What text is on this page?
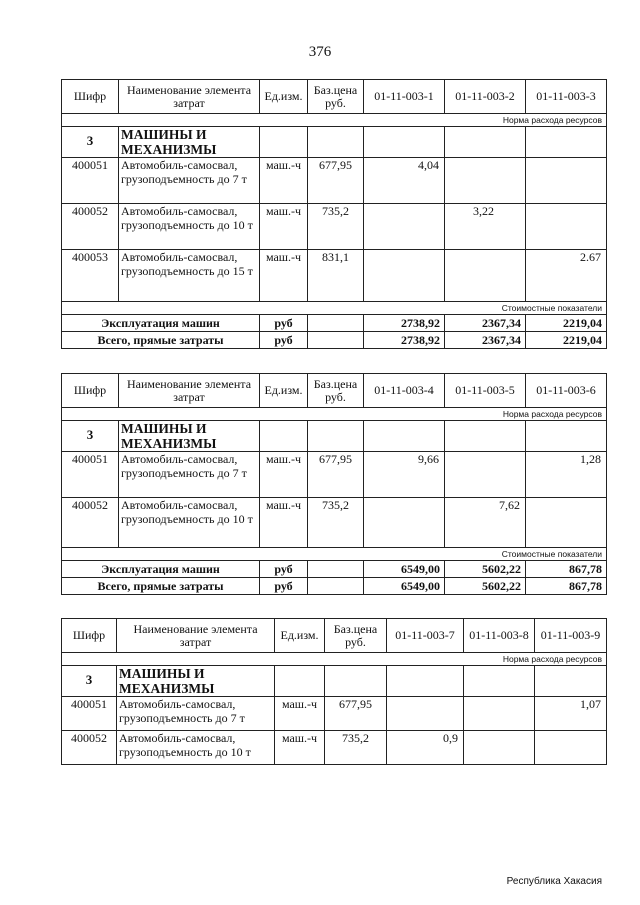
376
Шифр	Наименование элемента затрат	Ед.изм.	Баз.цена руб.	01-11-003-1	01-11-003-2	01-11-003-3
Норма расхода ресурсов						
3	МАШИНЫ И МЕХАНИЗМЫ					
400051	Автомобиль-самосвал, грузоподъемность до 7 т	маш.-ч	677,95	4,04		
400052	Автомобиль-самосвал, грузоподъемность до 10 т	маш.-ч	735,2		3,22	
400053	Автомобиль-самосвал, грузоподъемность до 15 т	маш.-ч	831,1			2.67
Стоимостные показатели						
Эксплуатация машин		руб		2738,92	2367,34	2219,04
Всего, прямые затраты		руб		2738,92	2367,34	2219,04
Шифр	Наименование элемента затрат	Ед.изм.	Баз.цена руб.	01-11-003-4	01-11-003-5	01-11-003-6
Норма расхода ресурсов						
3	МАШИНЫ И МЕХАНИЗМЫ					
400051	Автомобиль-самосвал, грузоподъемность до 7 т	маш.-ч	677,95	9,66		1,28
400052	Автомобиль-самосвал, грузоподъемность до 10 т	маш.-ч	735,2		7,62	
Стоимостные показатели						
Эксплуатация машин		руб		6549,00	5602,22	867,78
Всего, прямые затраты		руб		6549,00	5602,22	867,78
Шифр	Наименование элемента затрат	Ед.изм.	Баз.цена руб.	01-11-003-7	01-11-003-8	01-11-003-9
Норма расхода ресурсов						
3	МАШИНЫ И МЕХАНИЗМЫ					
400051	Автомобиль-самосвал, грузоподъемность до 7 т	маш.-ч	677,95			1,07
400052	Автомобиль-самосвал, грузоподъемность до 10 т	маш.-ч	735,2	0,9		
Республика Хакасия
